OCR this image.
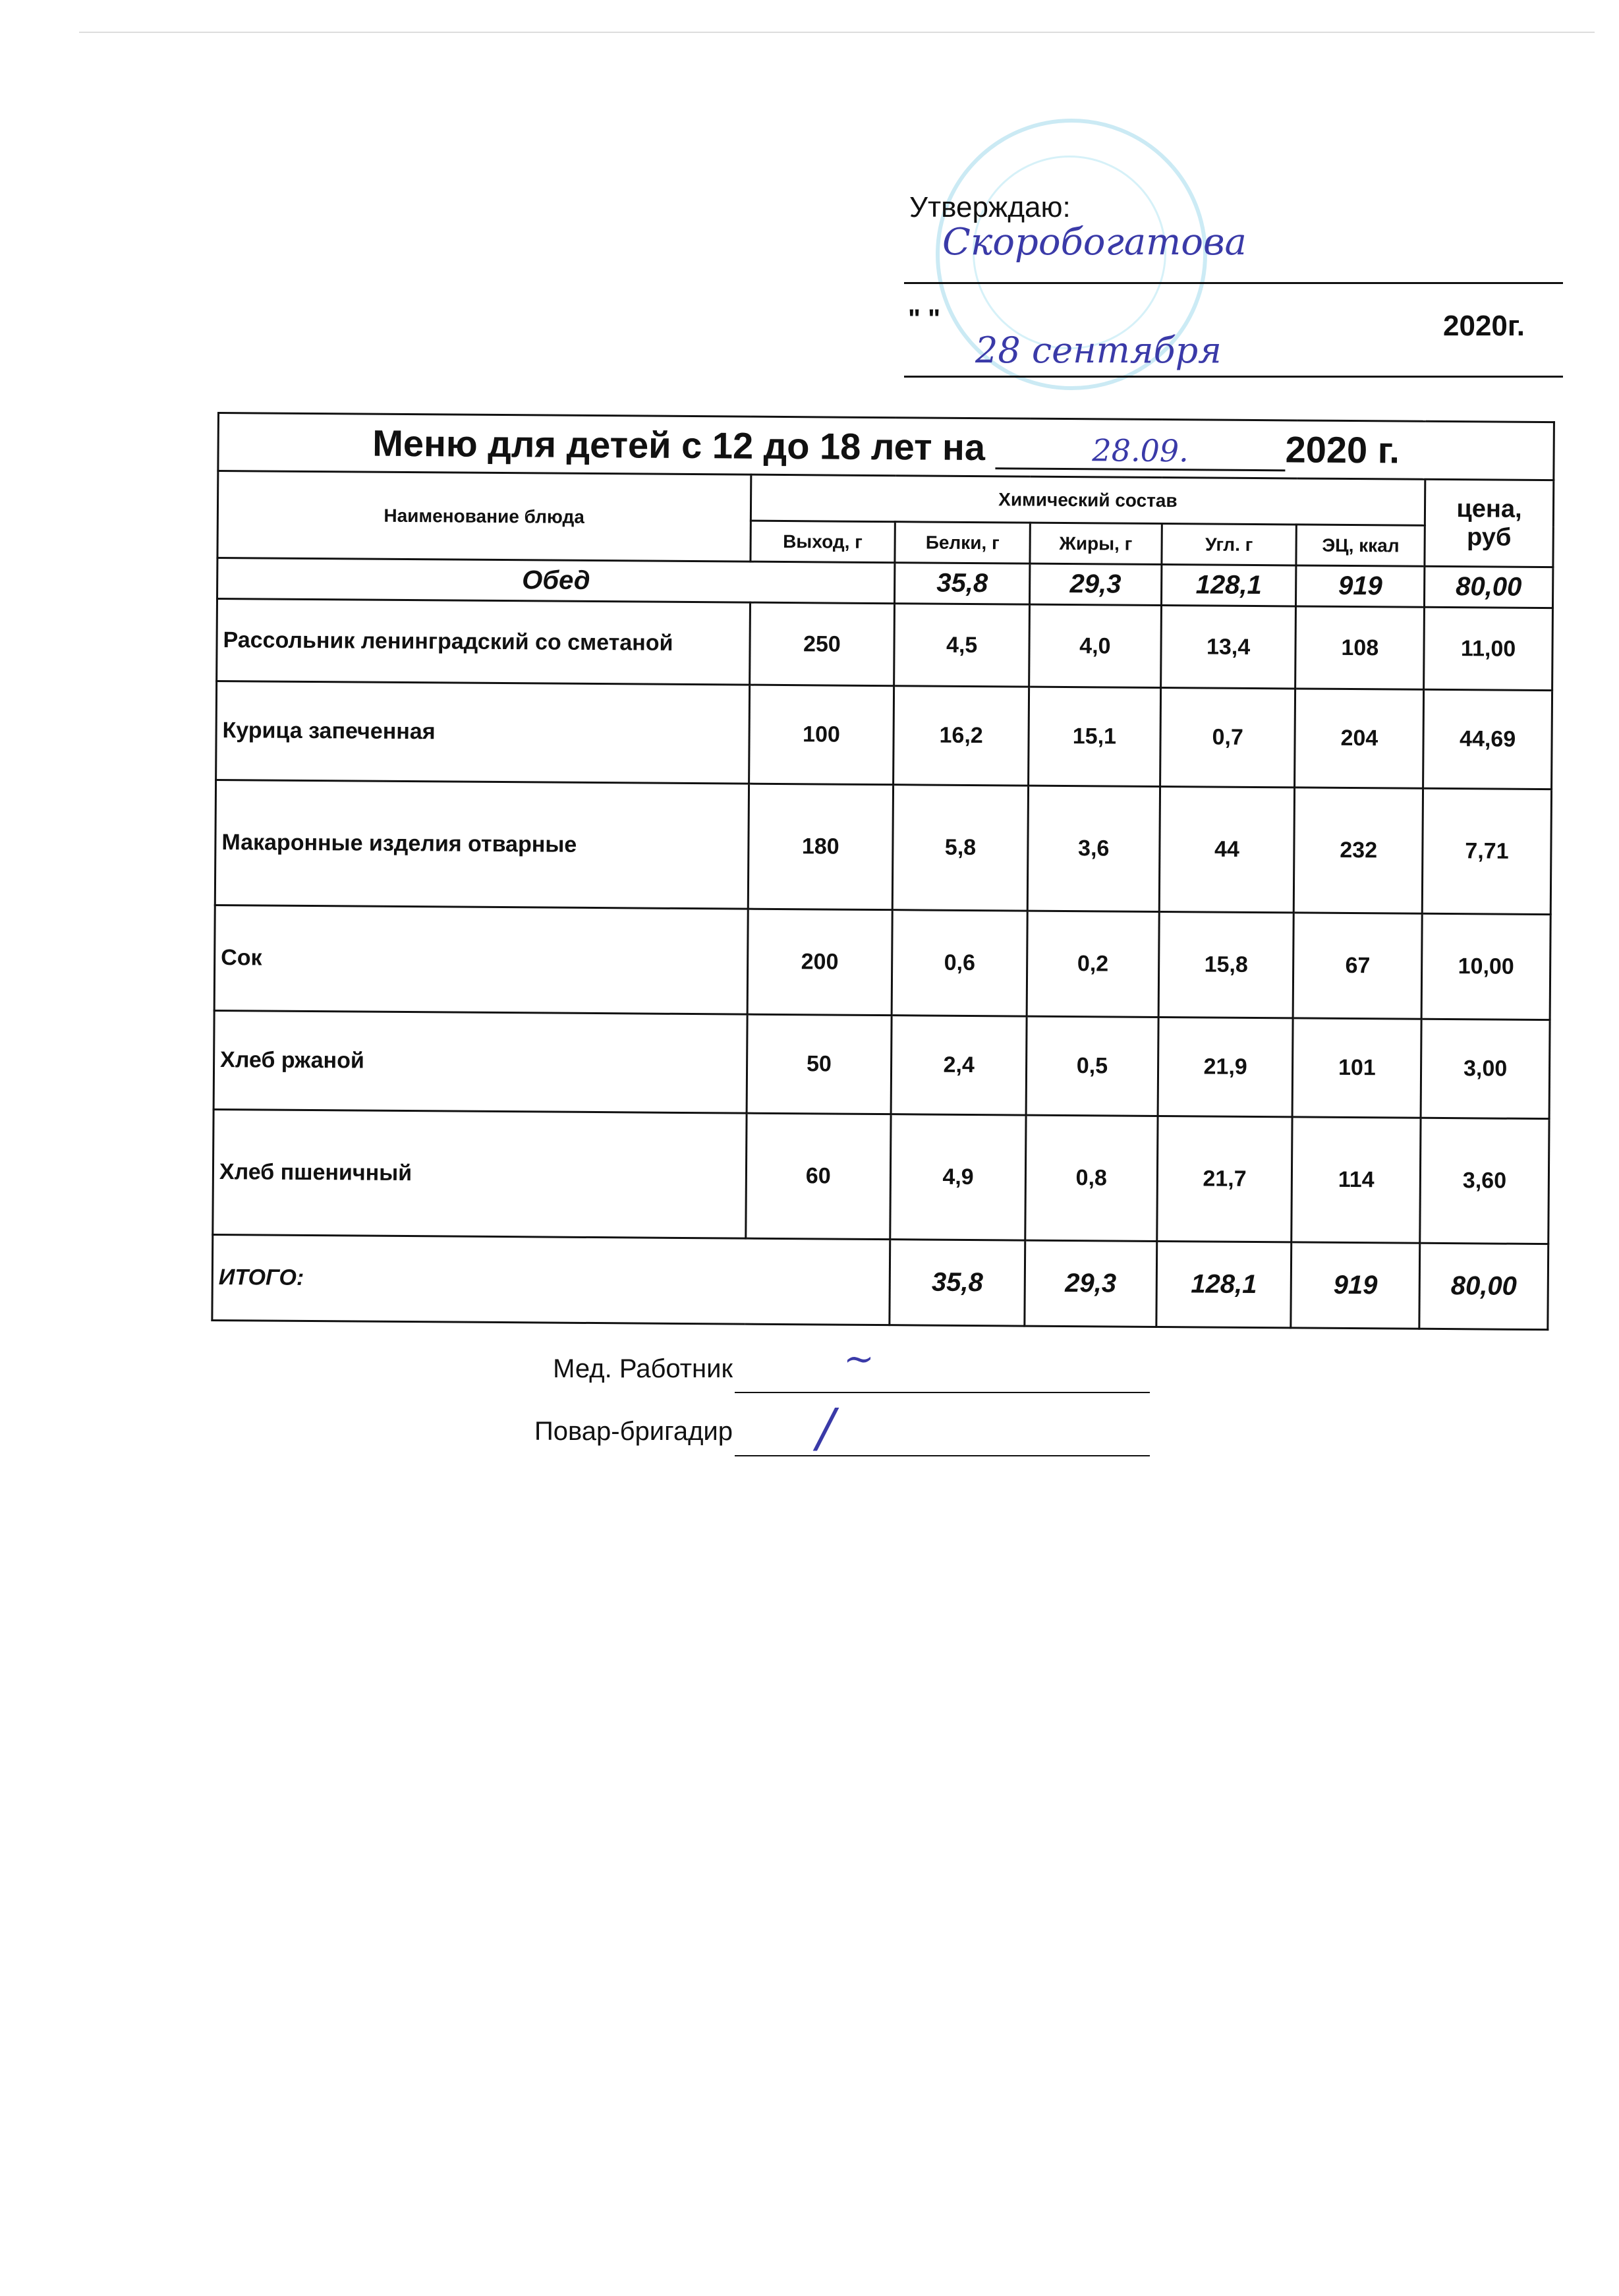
Утверждаю:
Скоробогатова
" "	2020г.
28 сентября
Меню для детей с 12 до 18 лет на 28.09. 2020 г.						
Наименование блюда	Химический состав					цена, руб
	Выход, г	Белки, г	Жиры, г	Угл. г	ЭЦ, ккал	
Обед		35,8	29,3	128,1	919	80,00
Рассольник ленинградский со сметаной	250	4,5	4,0	13,4	108	11,00
Курица запеченная	100	16,2	15,1	0,7	204	44,69
Макаронные изделия отварные	180	5,8	3,6	44	232	7,71
Сок	200	0,6	0,2	15,8	67	10,00
Хлеб ржаной	50	2,4	0,5	21,9	101	3,00
Хлеб пшеничный	60	4,9	0,8	21,7	114	3,60
ИТОГО:		35,8	29,3	128,1	919	80,00
Мед. Работник	~
Повар-бригадир /
